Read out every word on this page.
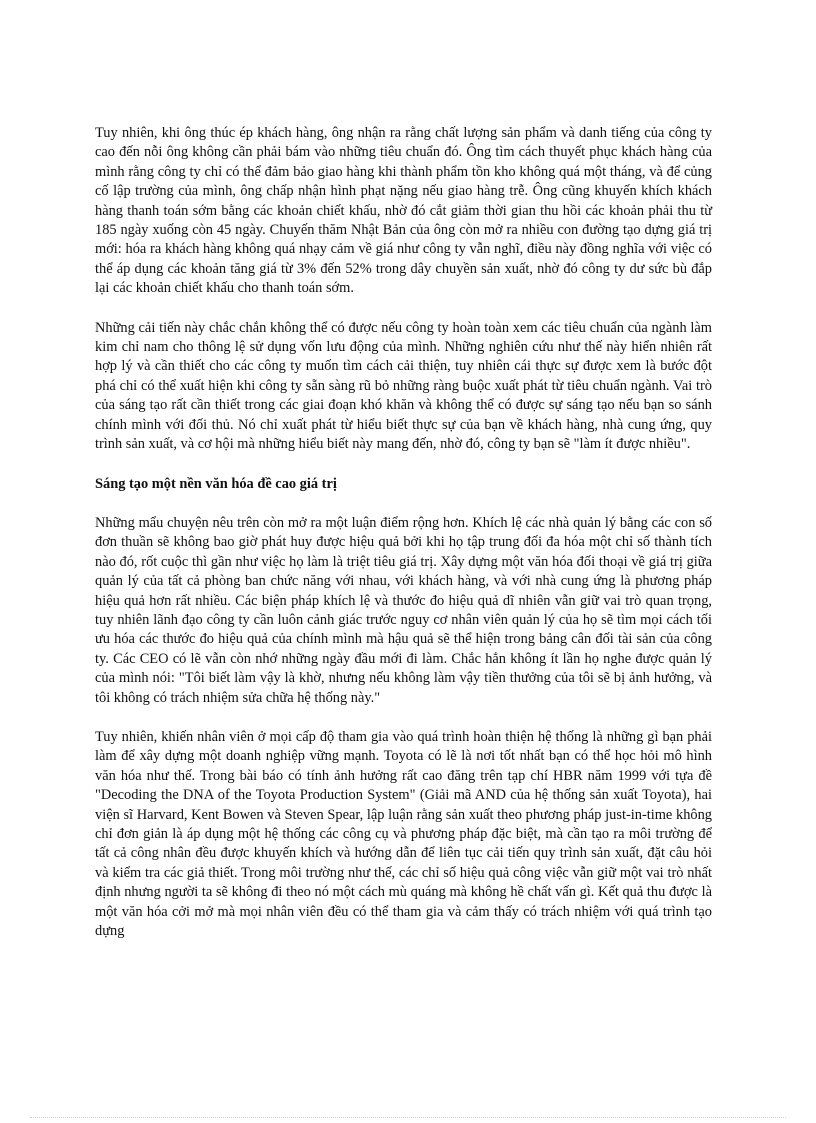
Tuy nhiên, khi ông thúc ép khách hàng, ông nhận ra rằng chất lượng sản phẩm và danh tiếng của công ty cao đến nỗi ông không cần phải bám vào những tiêu chuẩn đó. Ông tìm cách thuyết phục khách hàng của mình rằng công ty chỉ có thể đảm bảo giao hàng khi thành phẩm tồn kho không quá một tháng, và để củng cố lập trường của mình, ông chấp nhận hình phạt nặng nếu giao hàng trễ. Ông cũng khuyến khích khách hàng thanh toán sớm bằng các khoản chiết khấu, nhờ đó cắt giảm thời gian thu hồi các khoản phải thu từ 185 ngày xuống còn 45 ngày. Chuyến thăm Nhật Bản của ông còn mở ra nhiều con đường tạo dựng giá trị mới: hóa ra khách hàng không quá nhạy cảm về giá như công ty vẫn nghĩ, điều này đồng nghĩa với việc có thể áp dụng các khoản tăng giá từ 3% đến 52% trong dây chuyền sản xuất, nhờ đó công ty dư sức bù đắp lại các khoản chiết khấu cho thanh toán sớm.

Những cải tiến này chắc chắn không thể có được nếu công ty hoàn toàn xem các tiêu chuẩn của ngành làm kim chỉ nam cho thông lệ sử dụng vốn lưu động của mình. Những nghiên cứu như thế này hiển nhiên rất hợp lý và cần thiết cho các công ty muốn tìm cách cải thiện, tuy nhiên cái thực sự được xem là bước đột phá chỉ có thể xuất hiện khi công ty sẵn sàng rũ bỏ những ràng buộc xuất phát từ tiêu chuẩn ngành. Vai trò của sáng tạo rất cần thiết trong các giai đoạn khó khăn và không thể có được sự sáng tạo nếu bạn so sánh chính mình với đối thủ. Nó chỉ xuất phát từ hiểu biết thực sự của bạn về khách hàng, nhà cung ứng, quy trình sản xuất, và cơ hội mà những hiểu biết này mang đến, nhờ đó, công ty bạn sẽ "làm ít được nhiều".

Sáng tạo một nền văn hóa đề cao giá trị

Những mẩu chuyện nêu trên còn mở ra một luận điểm rộng hơn. Khích lệ các nhà quản lý bằng các con số đơn thuần sẽ không bao giờ phát huy được hiệu quả bởi khi họ tập trung đối đa hóa một chỉ số thành tích nào đó, rốt cuộc thì gần như việc họ làm là triệt tiêu giá trị. Xây dựng một văn hóa đối thoại về giá trị giữa quản lý của tất cả phòng ban chức năng với nhau, với khách hàng, và với nhà cung ứng là phương pháp hiệu quả hơn rất nhiều. Các biện pháp khích lệ và thước đo hiệu quả dĩ nhiên vẫn giữ vai trò quan trọng, tuy nhiên lãnh đạo công ty cần luôn cảnh giác trước nguy cơ nhân viên quản lý của họ sẽ tìm mọi cách tối ưu hóa các thước đo hiệu quả của chính mình mà hậu quả sẽ thể hiện trong bảng cân đối tài sản của công ty. Các CEO có lẽ vẫn còn nhớ những ngày đầu mới đi làm. Chắc hẳn không ít lần họ nghe được quản lý của mình nói: "Tôi biết làm vậy là khờ, nhưng nếu không làm vậy tiền thưởng của tôi sẽ bị ảnh hưởng, và tôi không có trách nhiệm sửa chữa hệ thống này."

Tuy nhiên, khiến nhân viên ở mọi cấp độ tham gia vào quá trình hoàn thiện hệ thống là những gì bạn phải làm để xây dựng một doanh nghiệp vững mạnh. Toyota có lẽ là nơi tốt nhất bạn có thể học hỏi mô hình văn hóa như thế. Trong bài báo có tính ảnh hưởng rất cao đăng trên tạp chí HBR năm 1999 với tựa đề "Decoding the DNA of the Toyota Production System" (Giải mã AND của hệ thống sản xuất Toyota), hai viện sĩ Harvard, Kent Bowen và Steven Spear, lập luận rằng sản xuất theo phương pháp just-in-time không chỉ đơn giản là áp dụng một hệ thống các công cụ và phương pháp đặc biệt, mà cần tạo ra môi trường để tất cả công nhân đều được khuyến khích và hướng dẫn để liên tục cải tiến quy trình sản xuất, đặt câu hỏi và kiểm tra các giả thiết. Trong môi trường như thế, các chỉ số hiệu quả công việc vẫn giữ một vai trò nhất định nhưng người ta sẽ không đi theo nó một cách mù quáng mà không hề chất vấn gì. Kết quả thu được là một văn hóa cởi mở mà mọi nhân viên đều có thể tham gia và cảm thấy có trách nhiệm với quá trình tạo dựng
